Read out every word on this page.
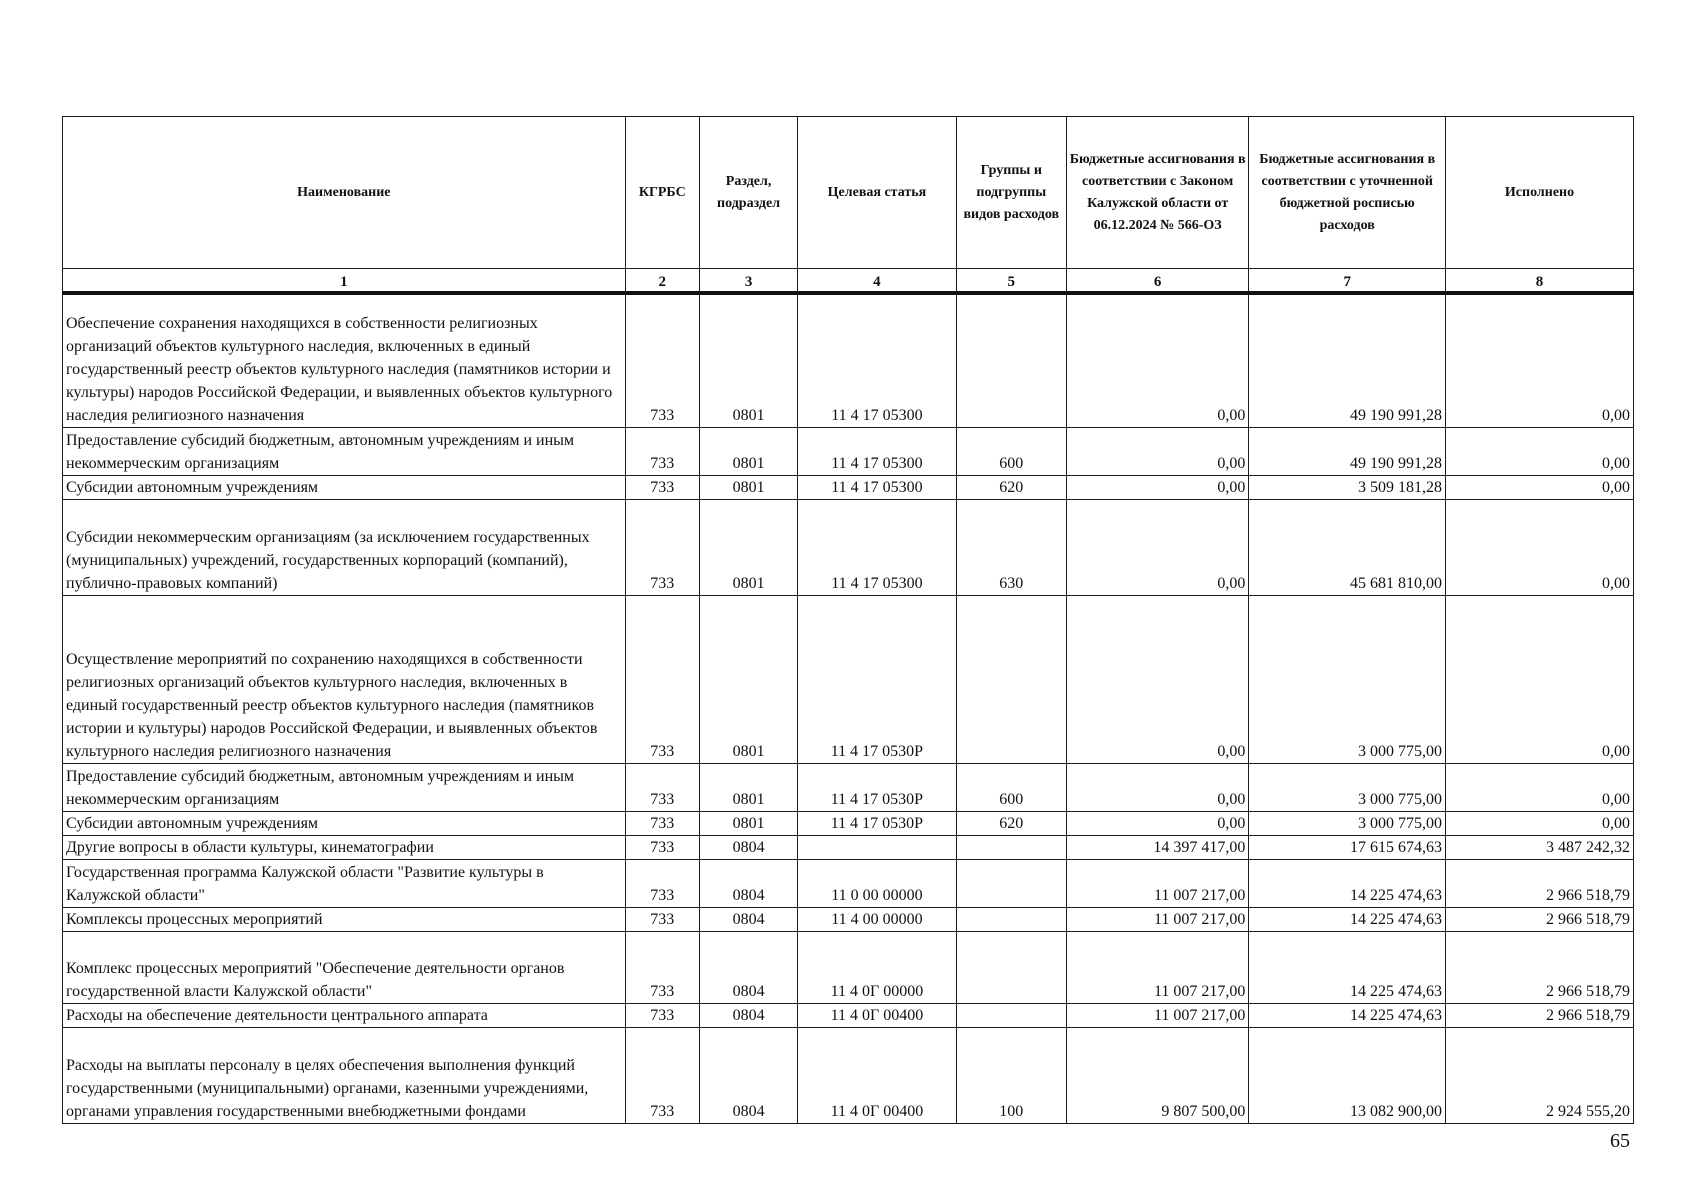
Наименование	КГРБС	Раздел, подраздел	Целевая статья	Группы и подгруппы видов расходов	Бюджетные ассигнования в соответствии с Законом Калужской области от 06.12.2024 № 566-ОЗ	Бюджетные ассигнования в соответствии с уточненной бюджетной росписью расходов	Исполнено
1	2	3	4	5	6	7	8
Обеспечение сохранения находящихся в собственности религиозных организаций объектов культурного наследия, включенных в единый государственный реестр объектов культурного наследия (памятников истории и культуры) народов Российской Федерации, и выявленных объектов культурного наследия религиозного назначения	733	0801	11 4 17 05300		0,00	49 190 991,28	0,00
Предоставление субсидий бюджетным, автономным учреждениям и иным некоммерческим организациям	733	0801	11 4 17 05300	600	0,00	49 190 991,28	0,00
Субсидии автономным учреждениям	733	0801	11 4 17 05300	620	0,00	3 509 181,28	0,00
Субсидии некоммерческим организациям (за исключением государственных (муниципальных) учреждений, государственных корпораций (компаний), публично-правовых компаний)	733	0801	11 4 17 05300	630	0,00	45 681 810,00	0,00
Осуществление мероприятий по сохранению находящихся в собственности религиозных организаций объектов культурного наследия, включенных в единый государственный реестр объектов культурного наследия (памятников истории и культуры) народов Российской Федерации, и выявленных объектов культурного наследия религиозного назначения	733	0801	11 4 17 0530Р		0,00	3 000 775,00	0,00
Предоставление субсидий бюджетным, автономным учреждениям и иным некоммерческим организациям	733	0801	11 4 17 0530Р	600	0,00	3 000 775,00	0,00
Субсидии автономным учреждениям	733	0801	11 4 17 0530Р	620	0,00	3 000 775,00	0,00
Другие вопросы в области культуры, кинематографии	733	0804			14 397 417,00	17 615 674,63	3 487 242,32
Государственная программа Калужской области "Развитие культуры в Калужской области"	733	0804	11 0 00 00000		11 007 217,00	14 225 474,63	2 966 518,79
Комплексы процессных мероприятий	733	0804	11 4 00 00000		11 007 217,00	14 225 474,63	2 966 518,79
Комплекс процессных мероприятий "Обеспечение деятельности органов государственной власти Калужской области"	733	0804	11 4 0Г 00000		11 007 217,00	14 225 474,63	2 966 518,79
Расходы на обеспечение деятельности центрального аппарата	733	0804	11 4 0Г 00400		11 007 217,00	14 225 474,63	2 966 518,79
Расходы на выплаты персоналу в целях обеспечения выполнения функций государственными (муниципальными) органами, казенными учреждениями, органами управления государственными внебюджетными фондами	733	0804	11 4 0Г 00400	100	9 807 500,00	13 082 900,00	2 924 555,20
65
